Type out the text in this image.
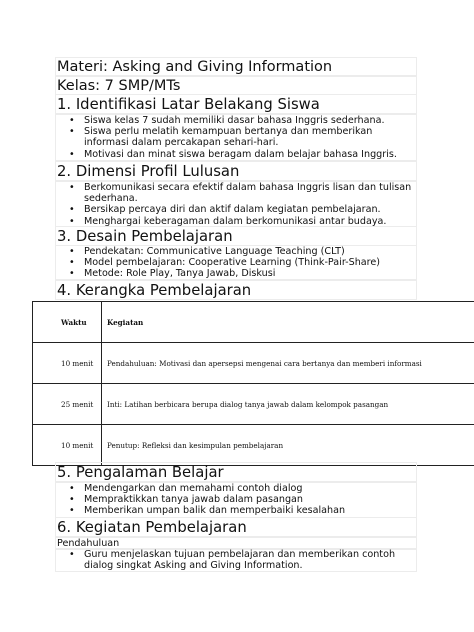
Materi: Asking and Giving Information
Kelas: 7 SMP/MTs
1. Identifikasi Latar Belakang Siswa
• Siswa kelas 7 sudah memiliki dasar bahasa Inggris sederhana.
• Siswa perlu melatih kemampuan bertanya dan memberikan informasi dalam percakapan sehari-hari.
• Motivasi dan minat siswa beragam dalam belajar bahasa Inggris.
2. Dimensi Profil Lulusan
• Berkomunikasi secara efektif dalam bahasa Inggris lisan dan tulisan sederhana.
• Bersikap percaya diri dan aktif dalam kegiatan pembelajaran.
• Menghargai keberagaman dalam berkomunikasi antar budaya.
3. Desain Pembelajaran
• Pendekatan: Communicative Language Teaching (CLT)
• Model pembelajaran: Cooperative Learning (Think-Pair-Share)
• Metode: Role Play, Tanya Jawab, Diskusi
4. Kerangka Pembelajaran
Waktu	Kegiatan
10 menit	Pendahuluan: Motivasi dan apersepsi mengenai cara bertanya dan memberi informasi
25 menit	Inti: Latihan berbicara berupa dialog tanya jawab dalam kelompok pasangan
10 menit	Penutup: Refleksi dan kesimpulan pembelajaran
5. Pengalaman Belajar
• Mendengarkan dan memahami contoh dialog
• Mempraktikkan tanya jawab dalam pasangan
• Memberikan umpan balik dan memperbaiki kesalahan
6. Kegiatan Pembelajaran
Pendahuluan
• Guru menjelaskan tujuan pembelajaran dan memberikan contoh dialog singkat Asking and Giving Information.
